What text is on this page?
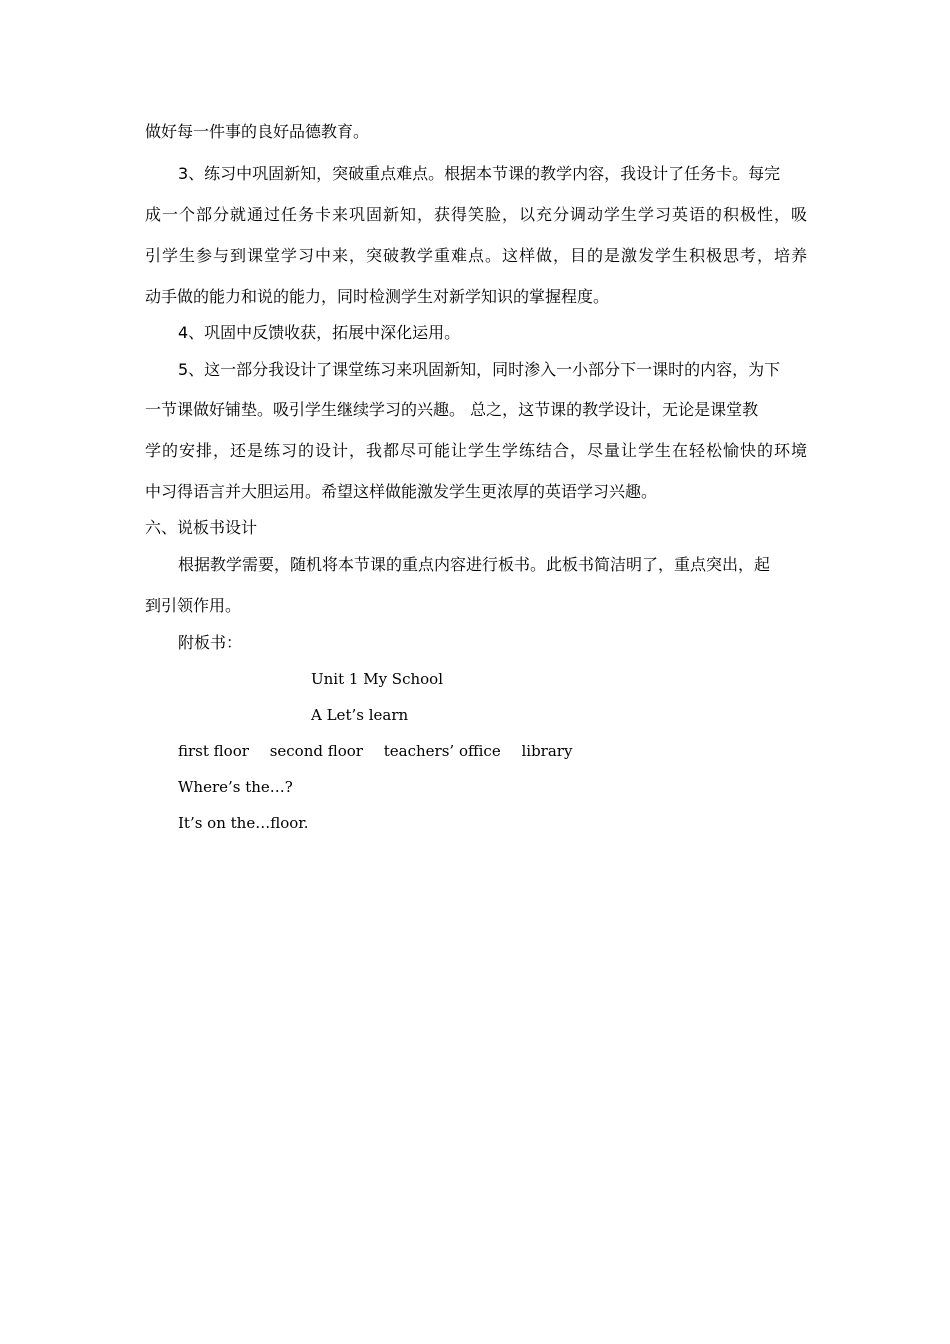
做好每一件事的良好品德教育。
3、练习中巩固新知，突破重点难点。根据本节课的教学内容，我设计了任务卡。每完
成一个部分就通过任务卡来巩固新知，获得笑脸，以充分调动学生学习英语的积极性，吸
引学生参与到课堂学习中来，突破教学重难点。这样做，目的是激发学生积极思考，培养
动手做的能力和说的能力，同时检测学生对新学知识的掌握程度。
4、巩固中反馈收获，拓展中深化运用。
5、这一部分我设计了课堂练习来巩固新知，同时渗入一小部分下一课时的内容，为下
一节课做好铺垫。吸引学生继续学习的兴趣。 总之，这节课的教学设计，无论是课堂教
学的安排，还是练习的设计，我都尽可能让学生学练结合，尽量让学生在轻松愉快的环境
中习得语言并大胆运用。希望这样做能激发学生更浓厚的英语学习兴趣。
六、说板书设计
根据教学需要，随机将本节课的重点内容进行板书。此板书简洁明了，重点突出，起
到引领作用。
附板书：
Unit 1 My School
A Let’s learn
first floor second floor teachers’ office library
Where’s the…?
It’s on the…floor.
